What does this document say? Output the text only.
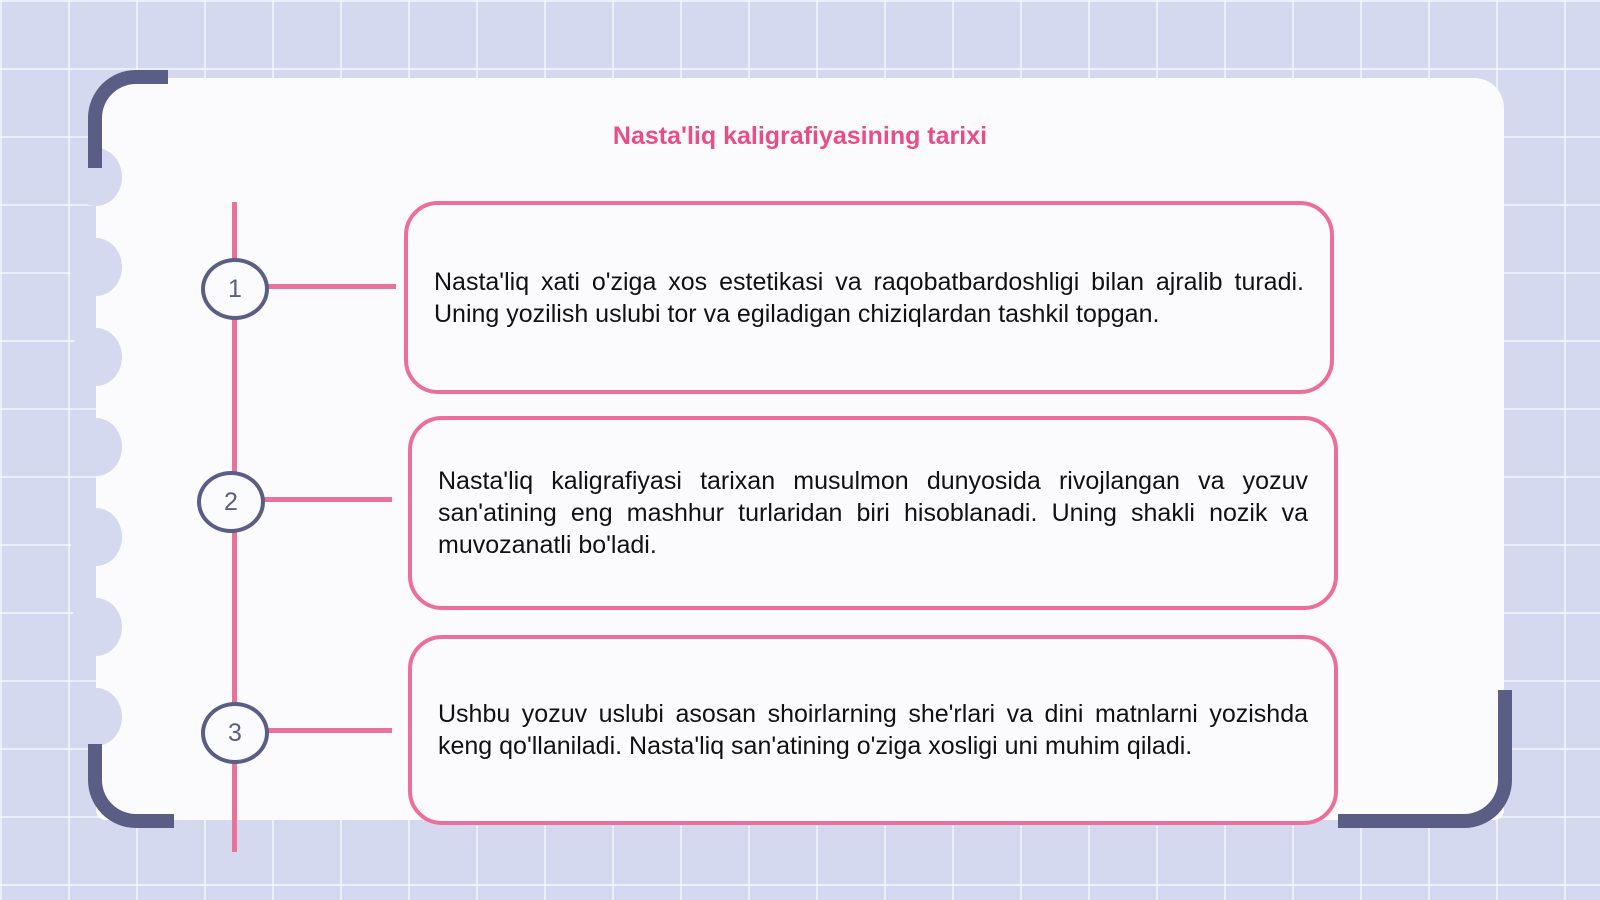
Nasta'liq kaligrafiyasining tarixi
1	Nasta'liq xati o'ziga xos estetikasi va raqobatbardoshligi bilan ajralib turadi. Uning yozilish uslubi tor va egiladigan chiziqlardan tashkil topgan.

2

Nasta'liq kaligrafiyasi tarixan musulmon dunyosida rivojlangan va yozuv san'atining eng mashhur turlaridan biri hisoblanadi. Uning shakli nozik va muvozanatli bo'ladi.

3

Ushbu yozuv uslubi asosan shoirlarning she'rlari va dini matnlarni yozishda keng qo'llaniladi. Nasta'liq san'atining o'ziga xosligi uni muhim qiladi.
